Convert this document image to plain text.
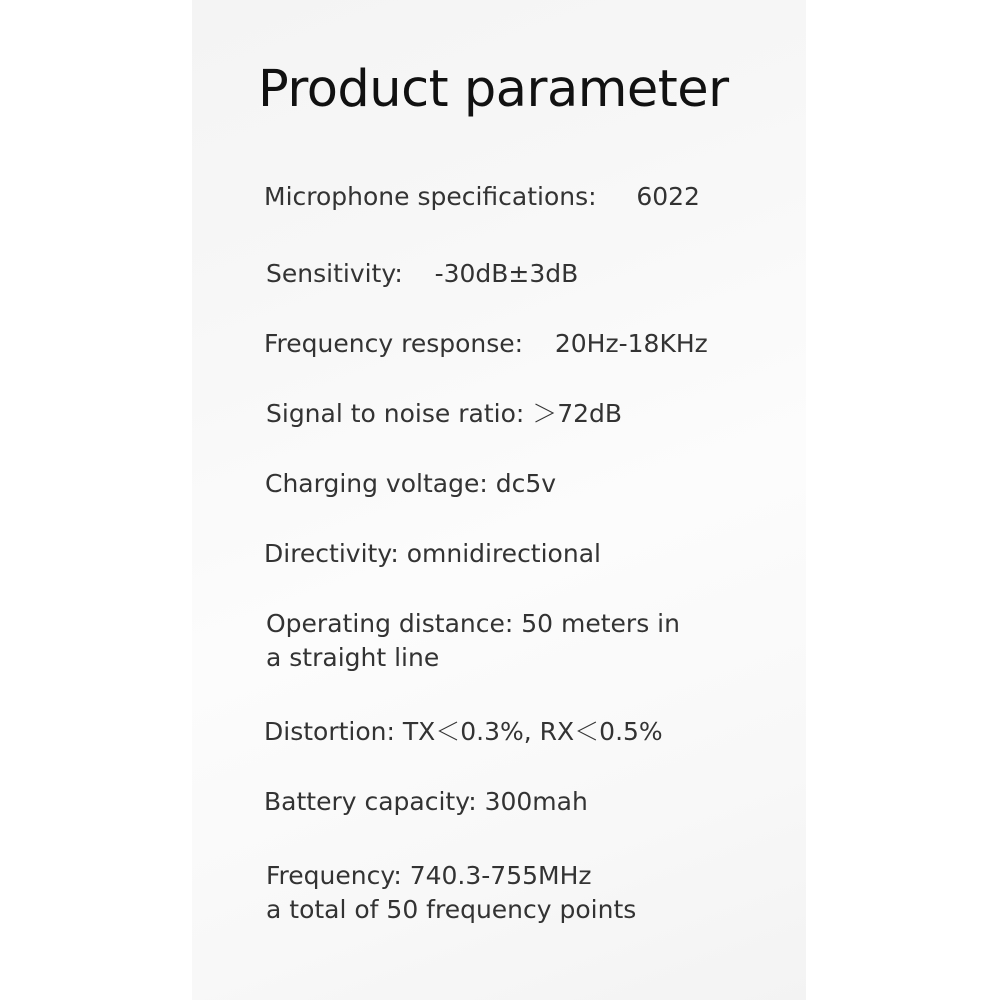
Product parameter
Microphone specifications: 6022
Sensitivity: -30dB±3dB
Frequency response: 20Hz-18KHz
Signal to noise ratio: ＞72dB
Charging voltage: dc5v
Directivity: omnidirectional
Operating distance: 50 meters in
a straight line
Distortion: TX＜0.3%, RX＜0.5%
Battery capacity: 300mah
Frequency: 740.3-755MHz
a total of 50 frequency points
